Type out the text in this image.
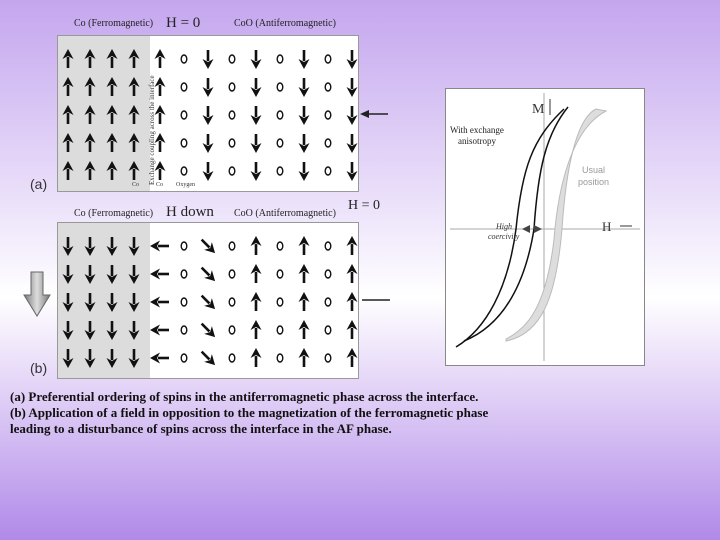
Co (Ferromagnetic) H = 0	CoO (Antiferromagnetic)
(a)	Co	Co Oxygen
Exchange coupling across the interface
H = 0
Co (Ferromagnetic) H down CoO (Antiferromagnetic)
(b)
M
H
With exchange
anisotropy
Usual
position
High
coercivity
(a) Preferential ordering of spins in the antiferromagnetic phase across the interface.
(b) Application of a field in opposition to the magnetization of the ferromagnetic phase
leading to a disturbance of spins across the interface in the AF phase.
